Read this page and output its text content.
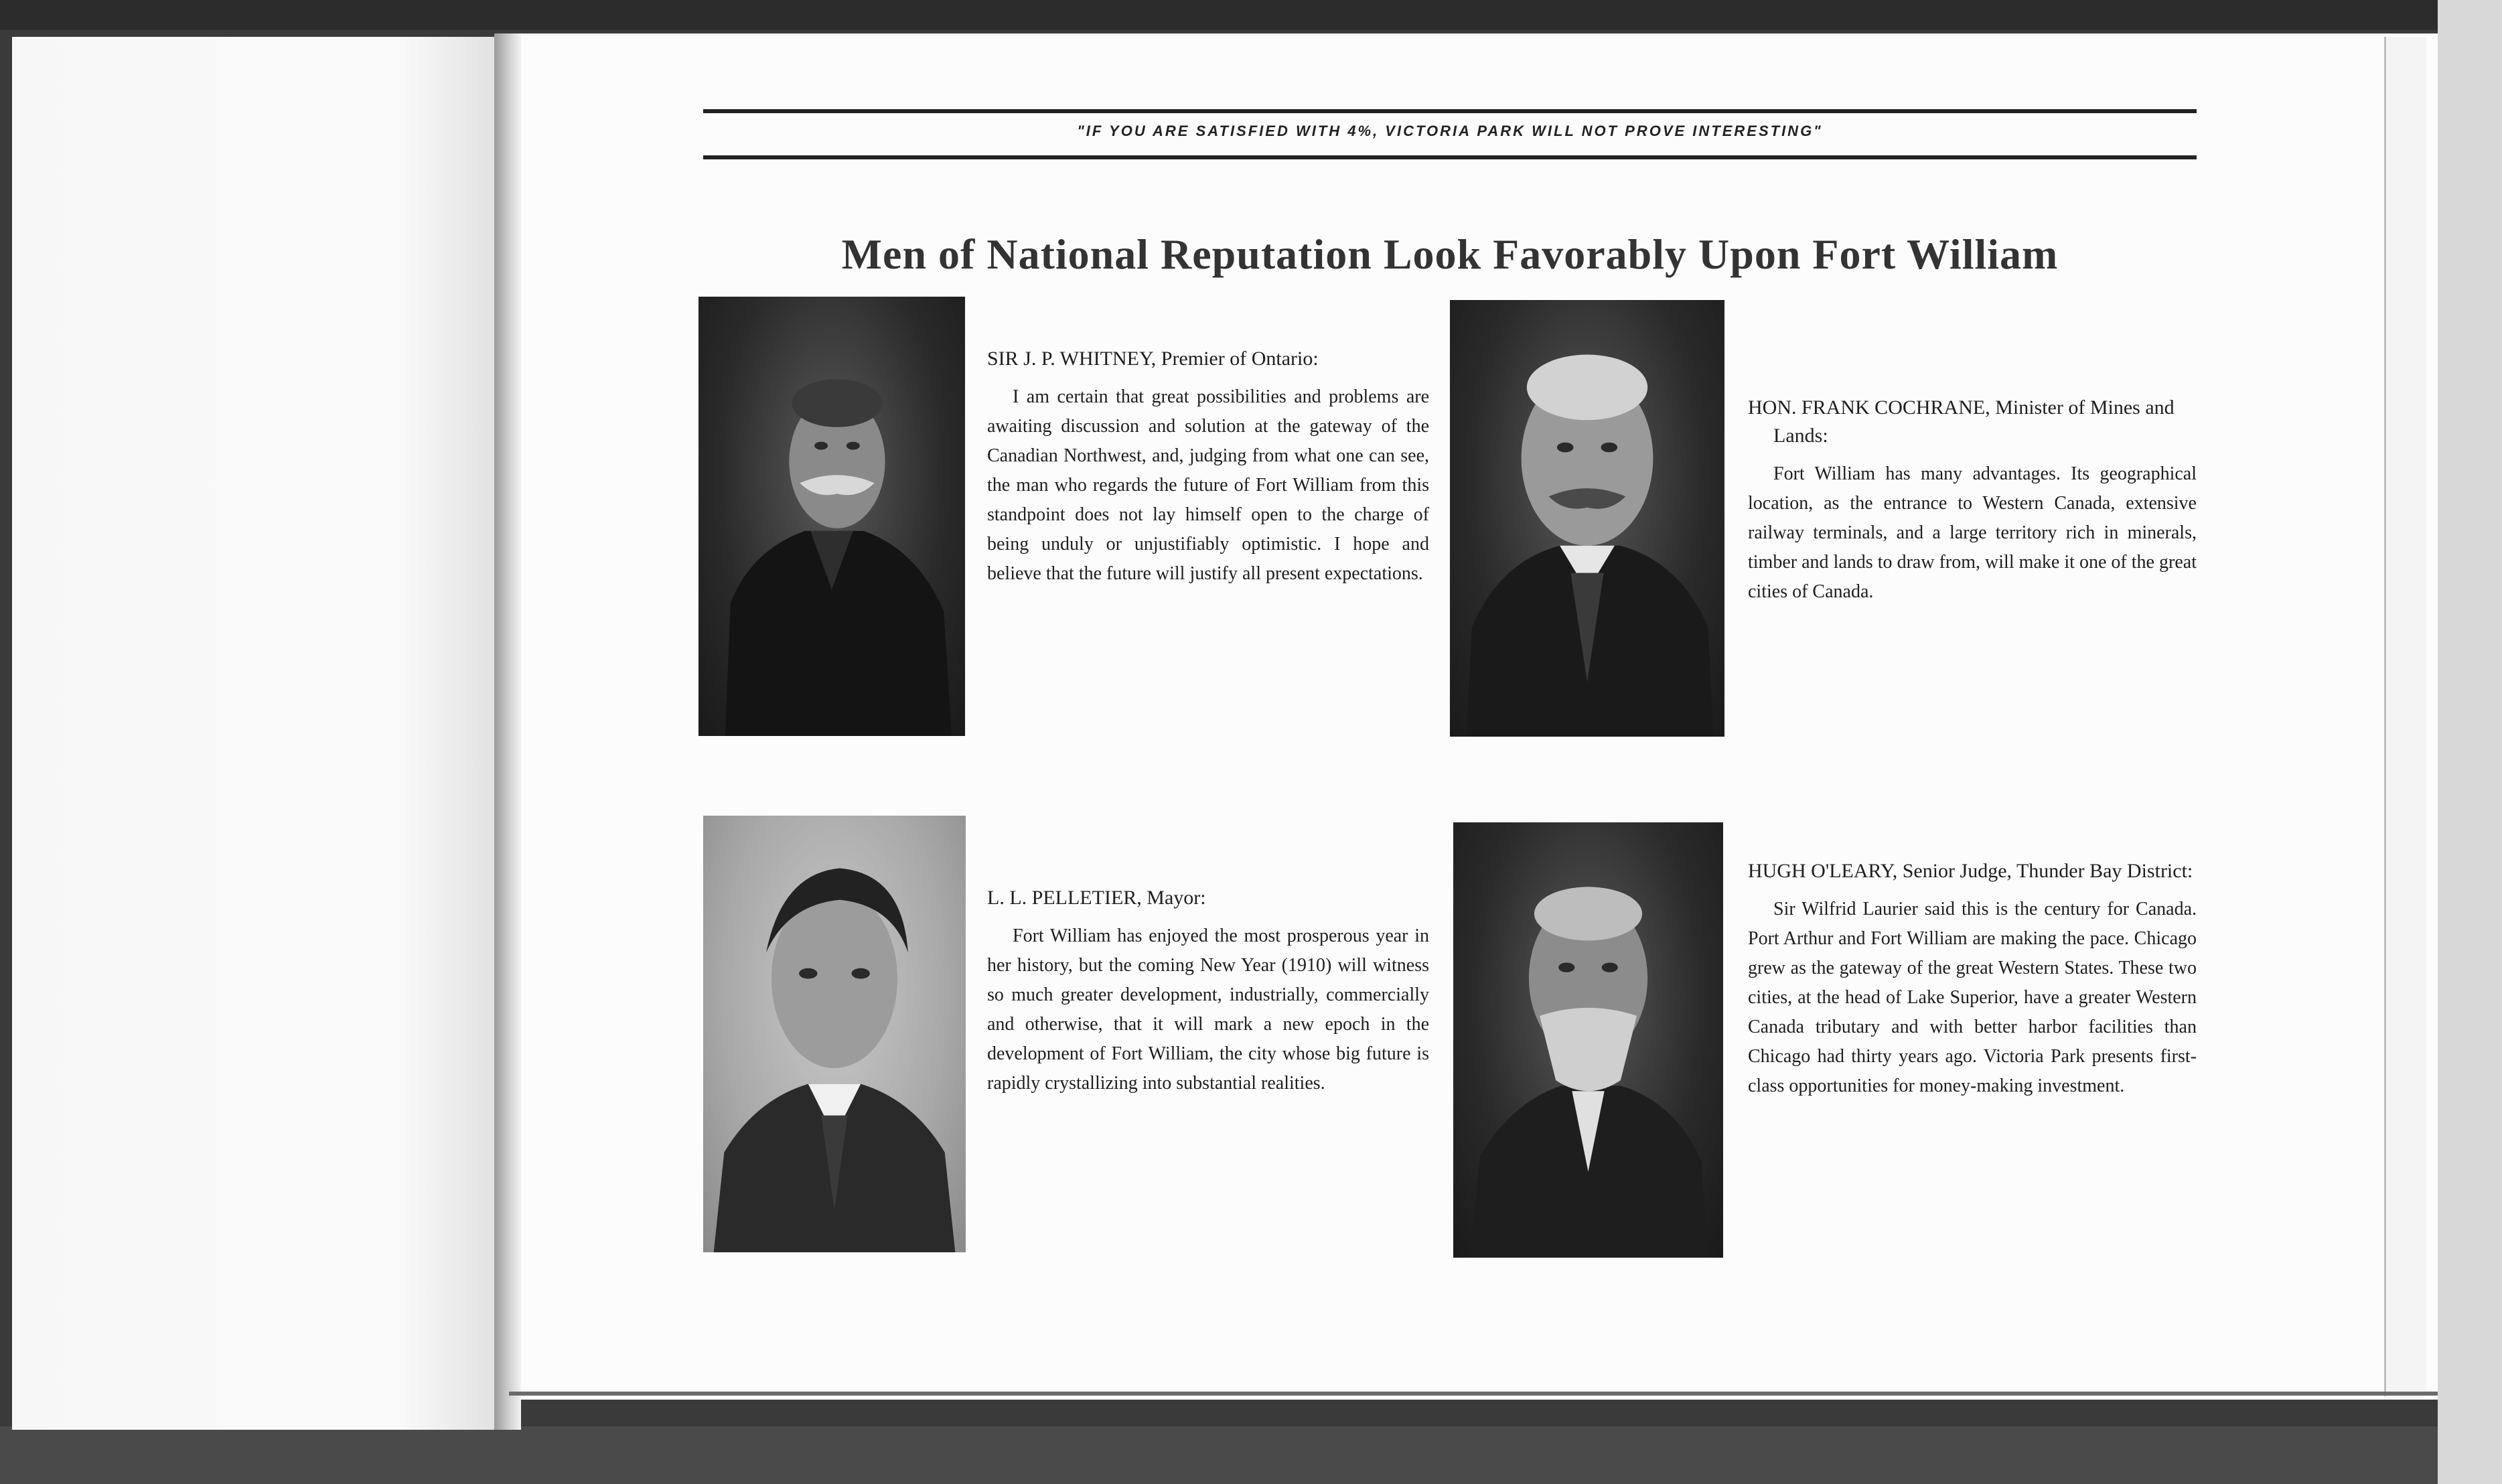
"IF YOU ARE SATISFIED WITH 4%, VICTORIA PARK WILL NOT PROVE INTERESTING"
Men of National Reputation Look Favorably Upon Fort William

SIR J. P. WHITNEY, Premier of Ontario:

I am certain that great possibilities and problems are awaiting discussion and solution at the gateway of the Canadian Northwest, and, judging from what one can see, the man who regards the future of Fort William from this standpoint does not lay himself open to the charge of being unduly or unjustifiably optimistic. I hope and believe that the future will justify all present expectations.

HON. FRANK COCHRANE, Minister of Mines and Lands:

Fort William has many advantages. Its geographical location, as the entrance to Western Canada, extensive railway terminals, and a large territory rich in minerals, timber and lands to draw from, will make it one of the great cities of Canada.

L. L. PELLETIER, Mayor:

Fort William has enjoyed the most prosperous year in her history, but the coming New Year (1910) will witness so much greater development, industrially, commercially and otherwise, that it will mark a new epoch in the development of Fort William, the city whose big future is rapidly crystallizing into substantial realities.

HUGH O'LEARY, Senior Judge, Thunder Bay District:

Sir Wilfrid Laurier said this is the century for Canada. Port Arthur and Fort William are making the pace. Chicago grew as the gateway of the great Western States. These two cities, at the head of Lake Superior, have a greater Western Canada tributary and with better harbor facilities than Chicago had thirty years ago. Victoria Park presents first-class opportunities for money-making investment.
